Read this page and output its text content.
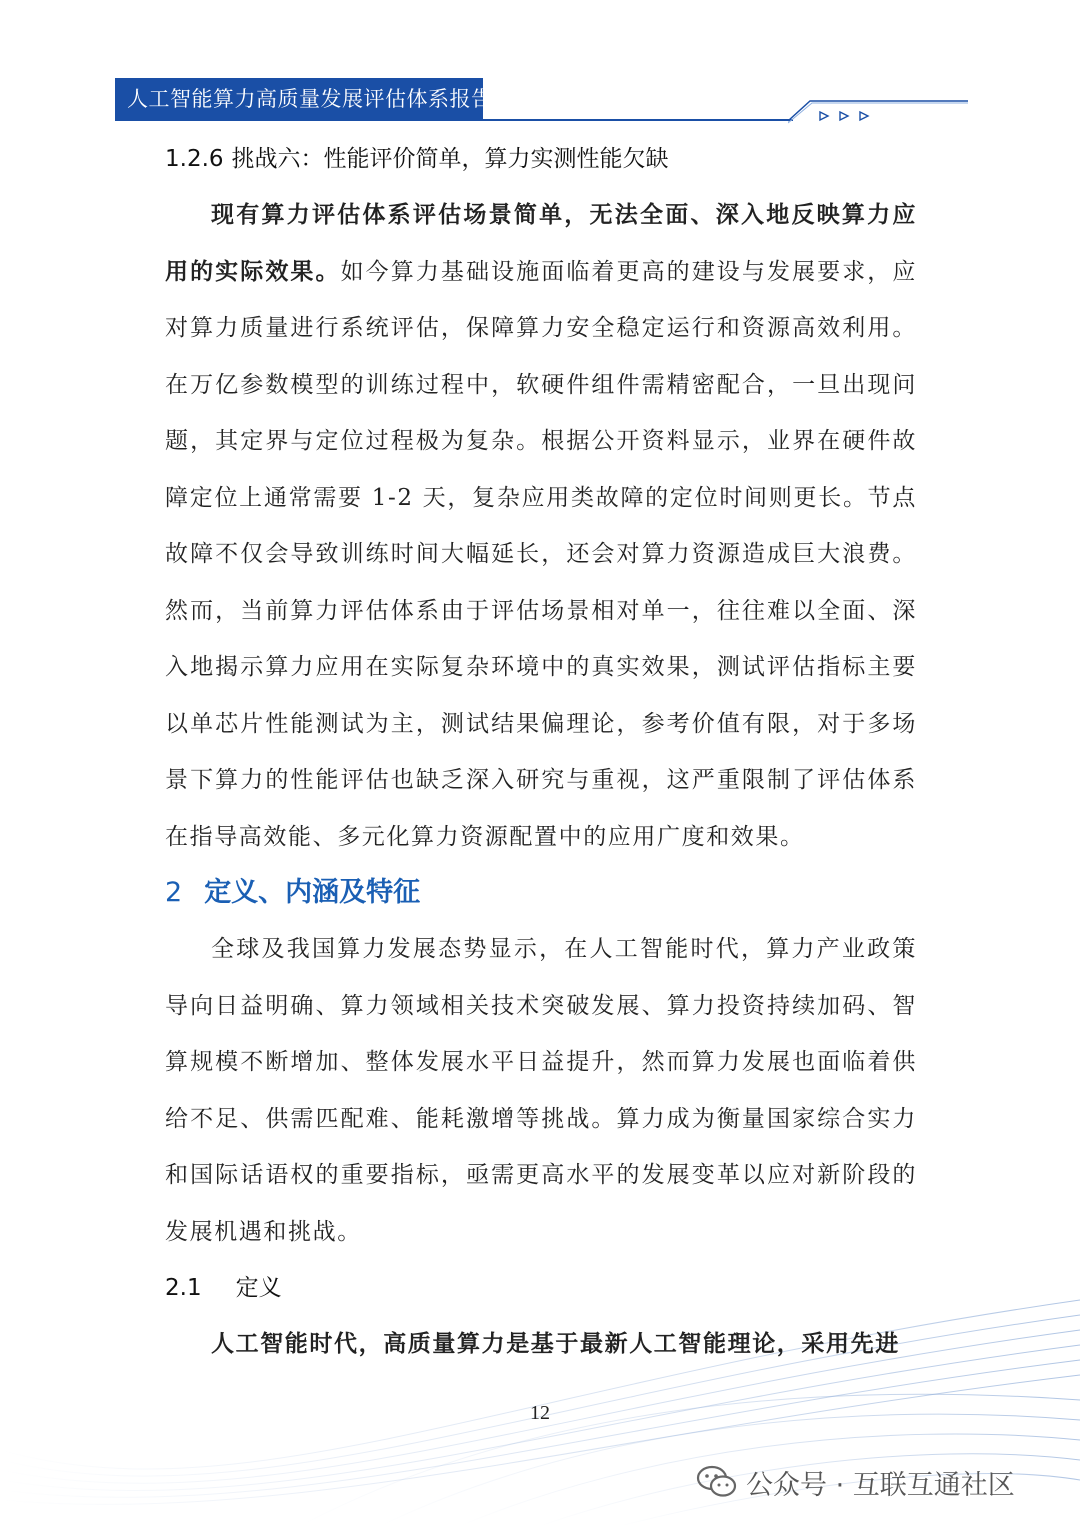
人工智能算力高质量发展评估体系报告
1.2.6 挑战六：性能评价简单，算力实测性能欠缺

现有算力评估体系评估场景简单，无法全面、深入地反映算力应用的实际效果。如今算力基础设施面临着更高的建设与发展要求，应对算力质量进行系统评估，保障算力安全稳定运行和资源高效利用。在万亿参数模型的训练过程中，软硬件组件需精密配合，一旦出现问题，其定界与定位过程极为复杂。根据公开资料显示，业界在硬件故障定位上通常需要 1-2 天，复杂应用类故障的定位时间则更长。节点故障不仅会导致训练时间大幅延长，还会对算力资源造成巨大浪费。然而，当前算力评估体系由于评估场景相对单一，往往难以全面、深入地揭示算力应用在实际复杂环境中的真实效果，测试评估指标主要以单芯片性能测试为主，测试结果偏理论，参考价值有限，对于多场景下算力的性能评估也缺乏深入研究与重视，这严重限制了评估体系在指导高效能、多元化算力资源配置中的应用广度和效果。

2 定义、内涵及特征

全球及我国算力发展态势显示，在人工智能时代，算力产业政策导向日益明确、算力领域相关技术突破发展、算力投资持续加码、智算规模不断增加、整体发展水平日益提升，然而算力发展也面临着供给不足、供需匹配难、能耗激增等挑战。算力成为衡量国家综合实力和国际话语权的重要指标，亟需更高水平的发展变革以应对新阶段的发展机遇和挑战。

2.1 定义

人工智能时代，高质量算力是基于最新人工智能理论，采用先进

12
公众号 · 互联互通社区
